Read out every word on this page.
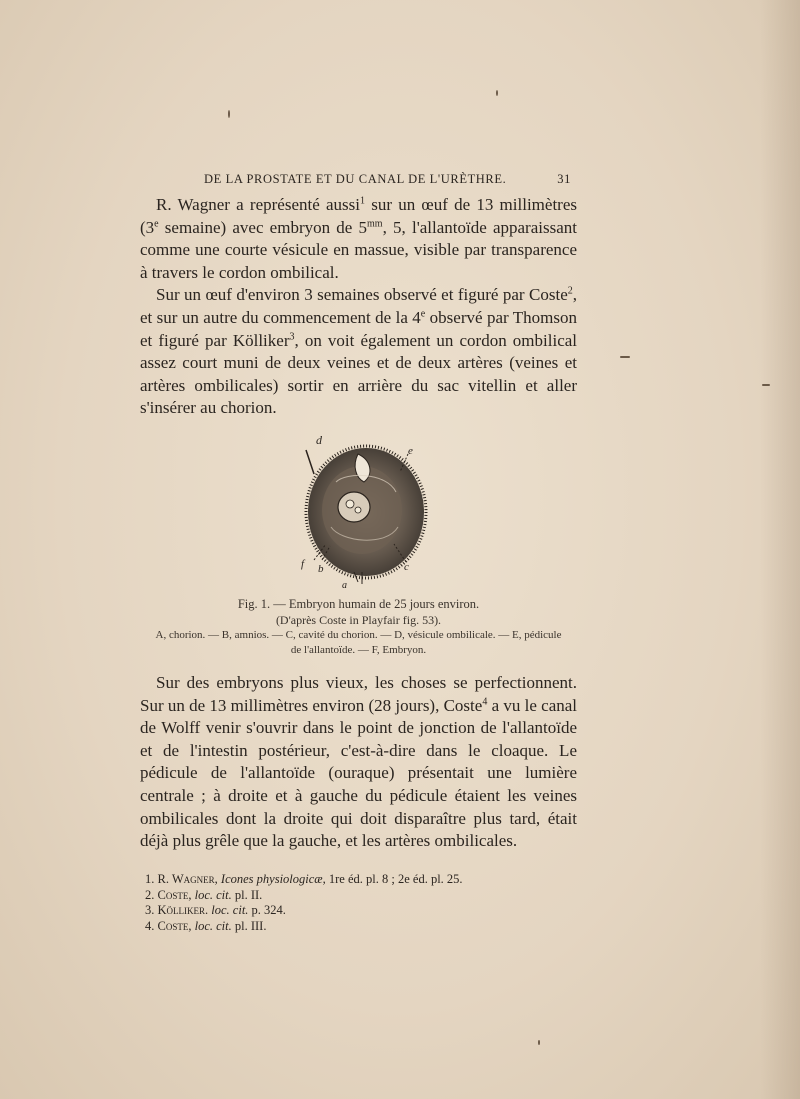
DE LA PROSTATE ET DU CANAL DE L'URÈTHRE.	31

R. Wagner a représenté aussi$^1$ sur un œuf de 13 millimètres (3e semaine) avec embryon de $5^{mm}$, 5, l'allantoïde apparaissant comme une courte vésicule en massue, visible par transparence à travers le cordon ombilical.

Sur un œuf d'environ 3 semaines observé et figuré par Coste$^2$, et sur un autre du commencement de la 4e observé par Thomson et figuré par Kölliker$^3$, on voit également un cordon ombilical assez court muni de deux veines et de deux artères (veines et artères ombilicales) sortir en arrière du sac vitellin et aller s'insérer au chorion.

d
e
f b	c
a
Fig. 1. — Embryon humain de 25 jours environ.
(D'après Coste in Playfair fig. 53).
A, chorion. — B, amnios. — C, cavité du chorion. — D, vésicule ombilicale. — E, pédicule
de l'allantoïde. — F, Embryon.

Sur des embryons plus vieux, les choses se perfectionnent. Sur un de 13 millimètres environ (28 jours), Coste$^4$ a vu le canal de Wolff venir s'ouvrir dans le point de jonction de l'allantoïde et de l'intestin postérieur, c'est-à-dire dans le cloaque. Le pédicule de l'allantoïde (ouraque) présentait une lumière centrale ; à droite et à gauche du pédicule étaient les veines ombilicales dont la droite qui doit disparaître plus tard, était déjà plus grêle que la gauche, et les artères ombilicales.

1. R. Wagner, Icones physiologicæ, 1re éd. pl. 8 ; 2e éd. pl. 25.
2. Coste, loc. cit. pl. II.
3. Kölliker. loc. cit. p. 324.
4. Coste, loc. cit. pl. III.
